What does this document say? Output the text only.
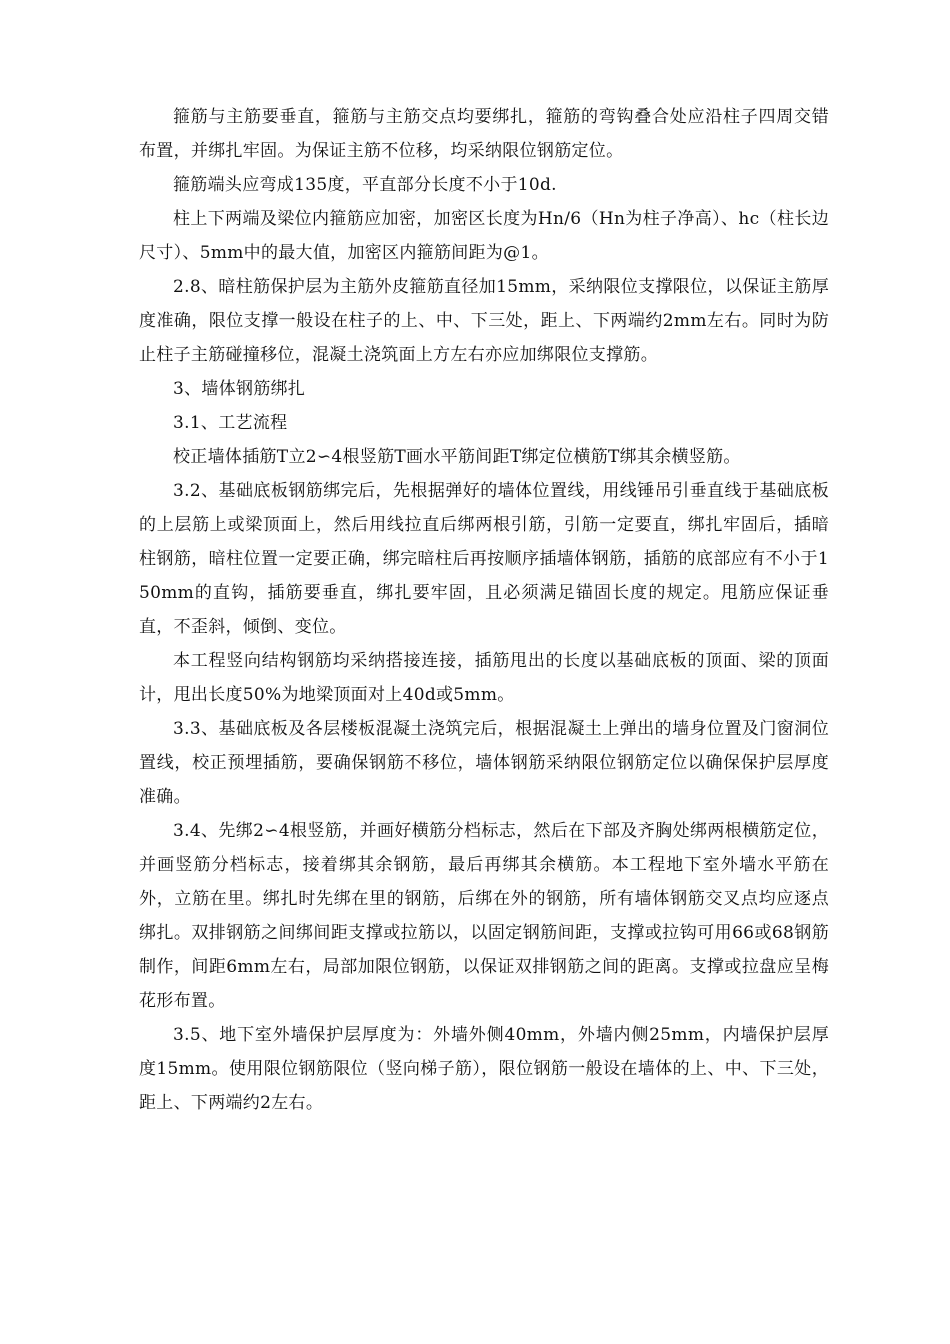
箍筋与主筋要垂直，箍筋与主筋交点均要绑扎，箍筋的弯钩叠合处应沿柱子四周交错布置，并绑扎牢固。为保证主筋不位移，均采纳限位钢筋定位。

箍筋端头应弯成135度，平直部分长度不小于10d.

柱上下两端及梁位内箍筋应加密，加密区长度为Hn/6（Hn为柱子净高）、hc（柱长边尺寸）、5mm中的最大值，加密区内箍筋间距为@1。

2.8、暗柱筋保护层为主筋外皮箍筋直径加15mm，采纳限位支撑限位，以保证主筋厚度准确，限位支撑一般设在柱子的上、中、下三处，距上、下两端约2mm左右。同时为防止柱子主筋碰撞移位，混凝土浇筑面上方左右亦应加绑限位支撑筋。

3、墙体钢筋绑扎

3.1、工艺流程

校正墙体插筋T立2∽4根竖筋T画水平筋间距T绑定位横筋T绑其余横竖筋。

3.2、基础底板钢筋绑完后，先根据弹好的墙体位置线，用线锤吊引垂直线于基础底板的上层筋上或梁顶面上，然后用线拉直后绑两根引筋，引筋一定要直，绑扎牢固后，插暗柱钢筋，暗柱位置一定要正确，绑完暗柱后再按顺序插墙体钢筋，插筋的底部应有不小于150mm的直钩，插筋要垂直，绑扎要牢固，且必须满足锚固长度的规定。甩筋应保证垂直，不歪斜，倾倒、变位。

本工程竖向结构钢筋均采纳搭接连接，插筋甩出的长度以基础底板的顶面、梁的顶面计，甩出长度50%为地梁顶面对上40d或5mm。

3.3、基础底板及各层楼板混凝土浇筑完后，根据混凝土上弹出的墙身位置及门窗洞位置线，校正预埋插筋，要确保钢筋不移位，墙体钢筋采纳限位钢筋定位以确保保护层厚度准确。

3.4、先绑2∽4根竖筋，并画好横筋分档标志，然后在下部及齐胸处绑两根横筋定位，并画竖筋分档标志，接着绑其余钢筋，最后再绑其余横筋。本工程地下室外墙水平筋在外，立筋在里。绑扎时先绑在里的钢筋，后绑在外的钢筋，所有墙体钢筋交叉点均应逐点绑扎。双排钢筋之间绑间距支撑或拉筋以，以固定钢筋间距，支撑或拉钩可用66或68钢筋制作，间距6mm左右，局部加限位钢筋，以保证双排钢筋之间的距离。支撑或拉盘应呈梅花形布置。

3.5、地下室外墙保护层厚度为：外墙外侧40mm，外墙内侧25mm，内墙保护层厚度15mm。使用限位钢筋限位（竖向梯子筋），限位钢筋一般设在墙体的上、中、下三处，距上、下两端约2左右。
